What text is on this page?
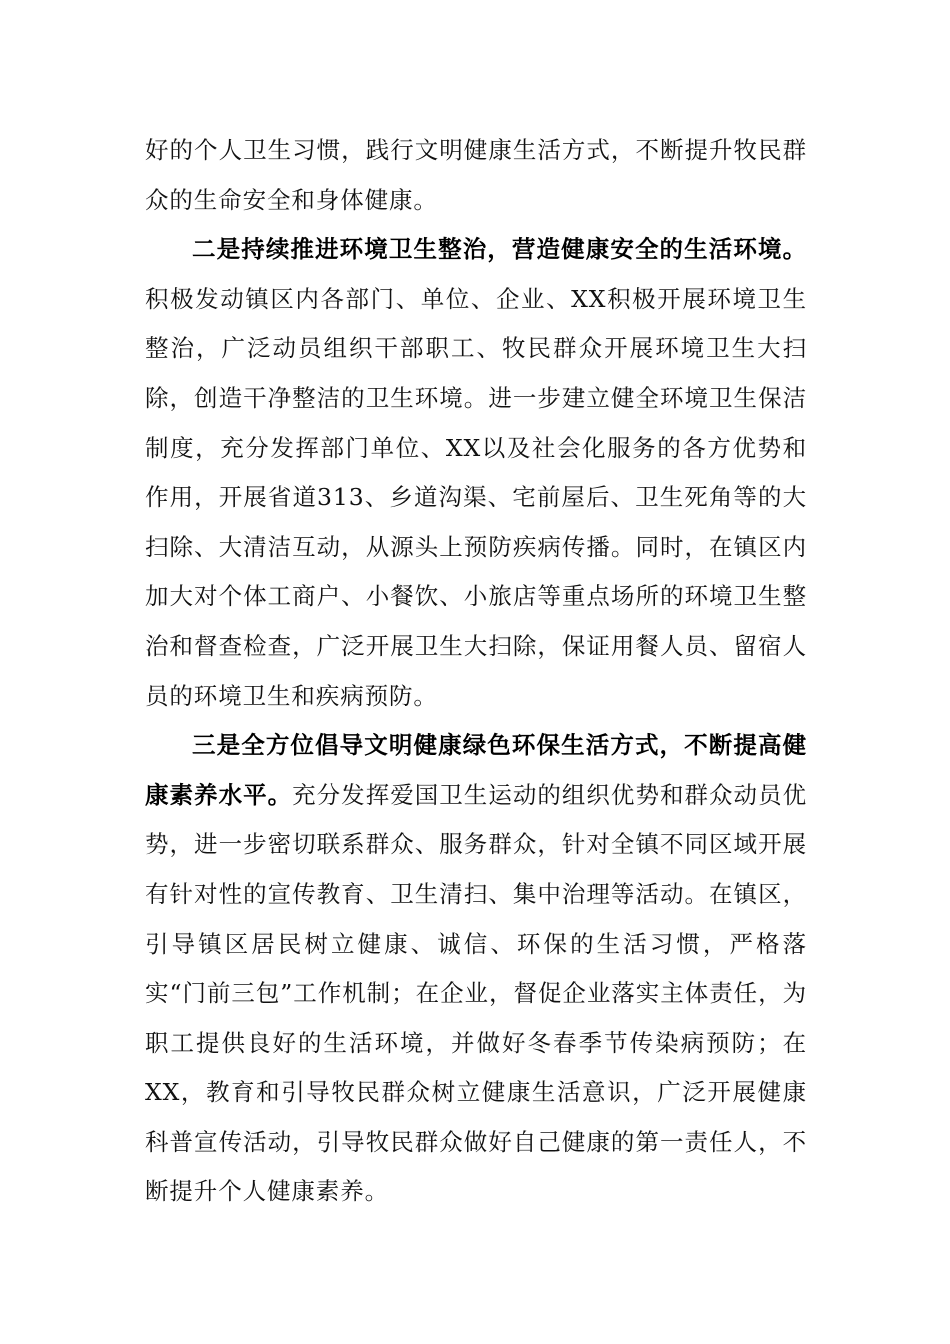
好的个人卫生习惯，践行文明健康生活方式，不断提升牧民群众的生命安全和身体健康。

二是持续推进环境卫生整治，营造健康安全的生活环境。积极发动镇区内各部门、单位、企业、XX积极开展环境卫生整治，广泛动员组织干部职工、牧民群众开展环境卫生大扫除，创造干净整洁的卫生环境。进一步建立健全环境卫生保洁制度，充分发挥部门单位、XX以及社会化服务的各方优势和作用，开展省道313、乡道沟渠、宅前屋后、卫生死角等的大扫除、大清洁互动，从源头上预防疾病传播。同时，在镇区内加大对个体工商户、小餐饮、小旅店等重点场所的环境卫生整治和督查检查，广泛开展卫生大扫除，保证用餐人员、留宿人员的环境卫生和疾病预防。

三是全方位倡导文明健康绿色环保生活方式，不断提高健康素养水平。充分发挥爱国卫生运动的组织优势和群众动员优势，进一步密切联系群众、服务群众，针对全镇不同区域开展有针对性的宣传教育、卫生清扫、集中治理等活动。在镇区，引导镇区居民树立健康、诚信、环保的生活习惯，严格落实“门前三包”工作机制；在企业，督促企业落实主体责任，为职工提供良好的生活环境，并做好冬春季节传染病预防；在XX，教育和引导牧民群众树立健康生活意识，广泛开展健康科普宣传活动，引导牧民群众做好自己健康的第一责任人，不断提升个人健康素养。
